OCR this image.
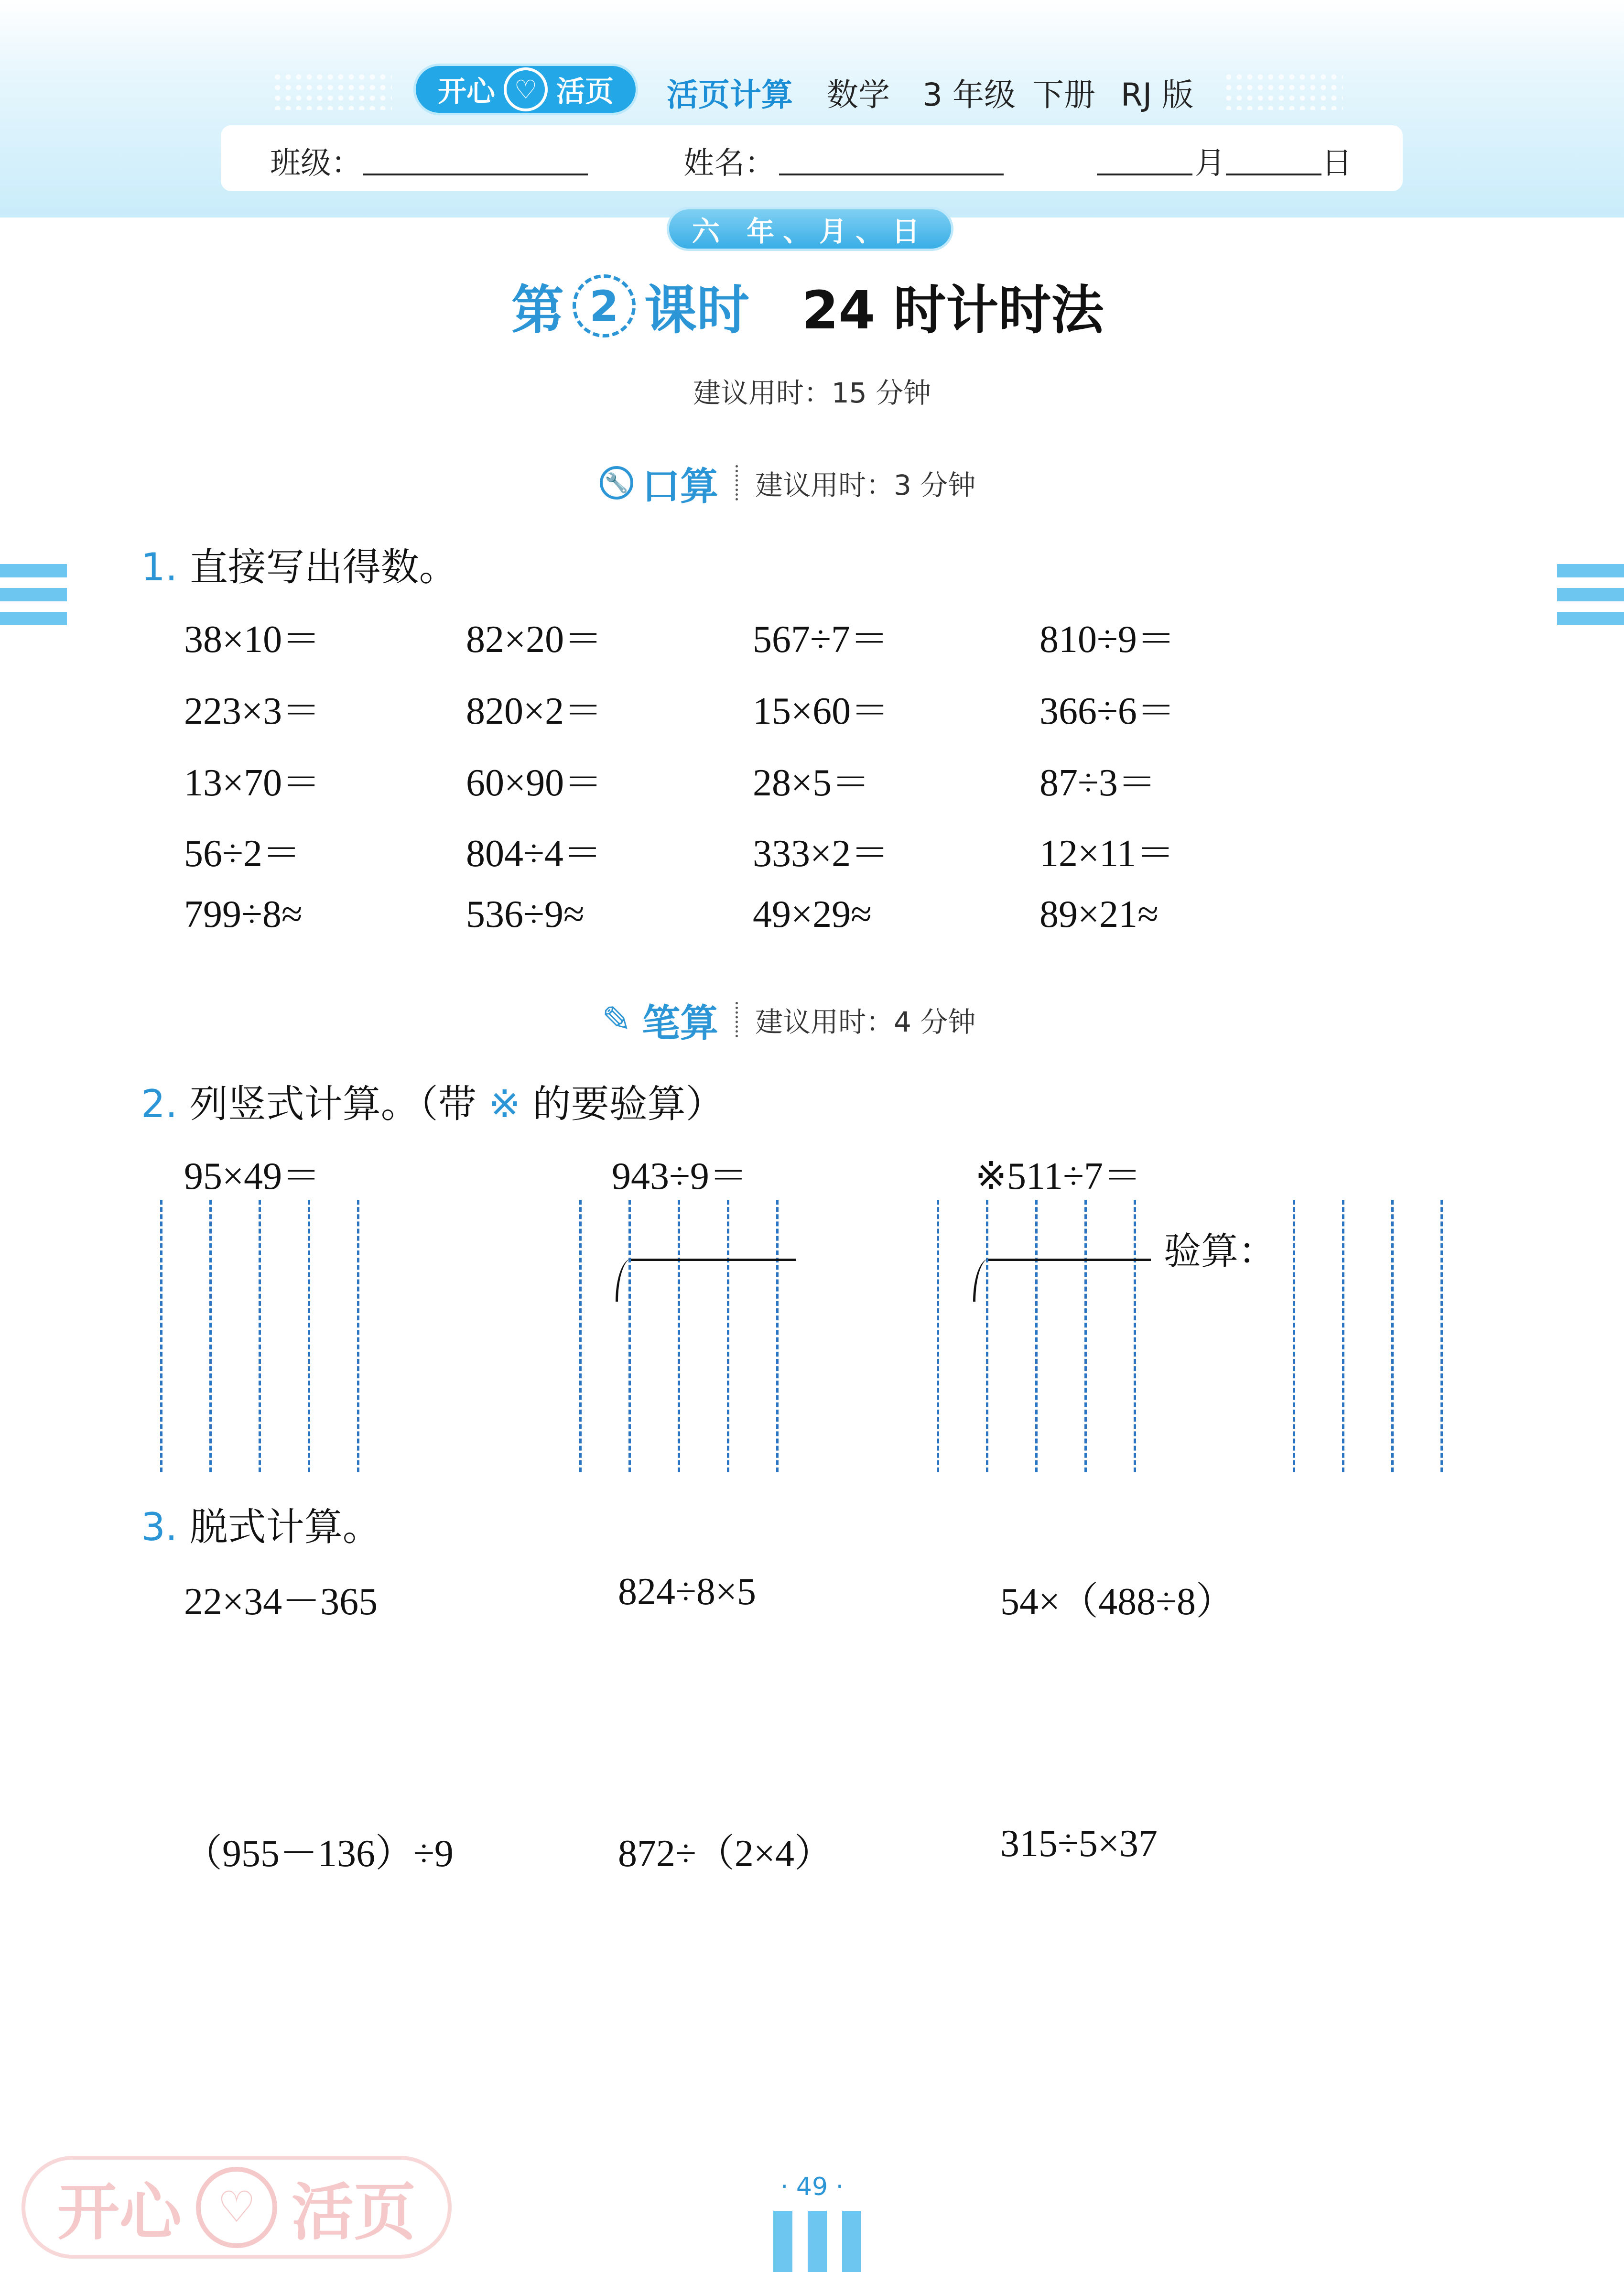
开心 ♡ 活页 活页计算 数学 3 年级 下册 RJ 版
班级：	姓名：	月	日
六 年、月、日
第 2 课时 24 时计时法
建议用时：15 分钟
🔧 口算 建议用时：3 分钟
1. 直接写出得数。
38×10＝	82×20＝	567÷7＝	810÷9＝
223×3＝	820×2＝	15×60＝	366÷6＝
13×70＝	60×90＝	28×5＝	87÷3＝
56÷2＝	804÷4＝	333×2＝	12×11＝
799÷8≈	536÷9≈	49×29≈	89×21≈
✎ 笔算 建议用时：4 分钟
2. 列竖式计算。（带 ※ 的要验算）
95×49＝	943÷9＝	※511÷7＝
验算：
3. 脱式计算。
22×34－365	824÷8×5	54×（488÷8）
（955－136）÷9	872÷（2×4）	315÷5×37
· 49 ·
开心 ♡ 活页
